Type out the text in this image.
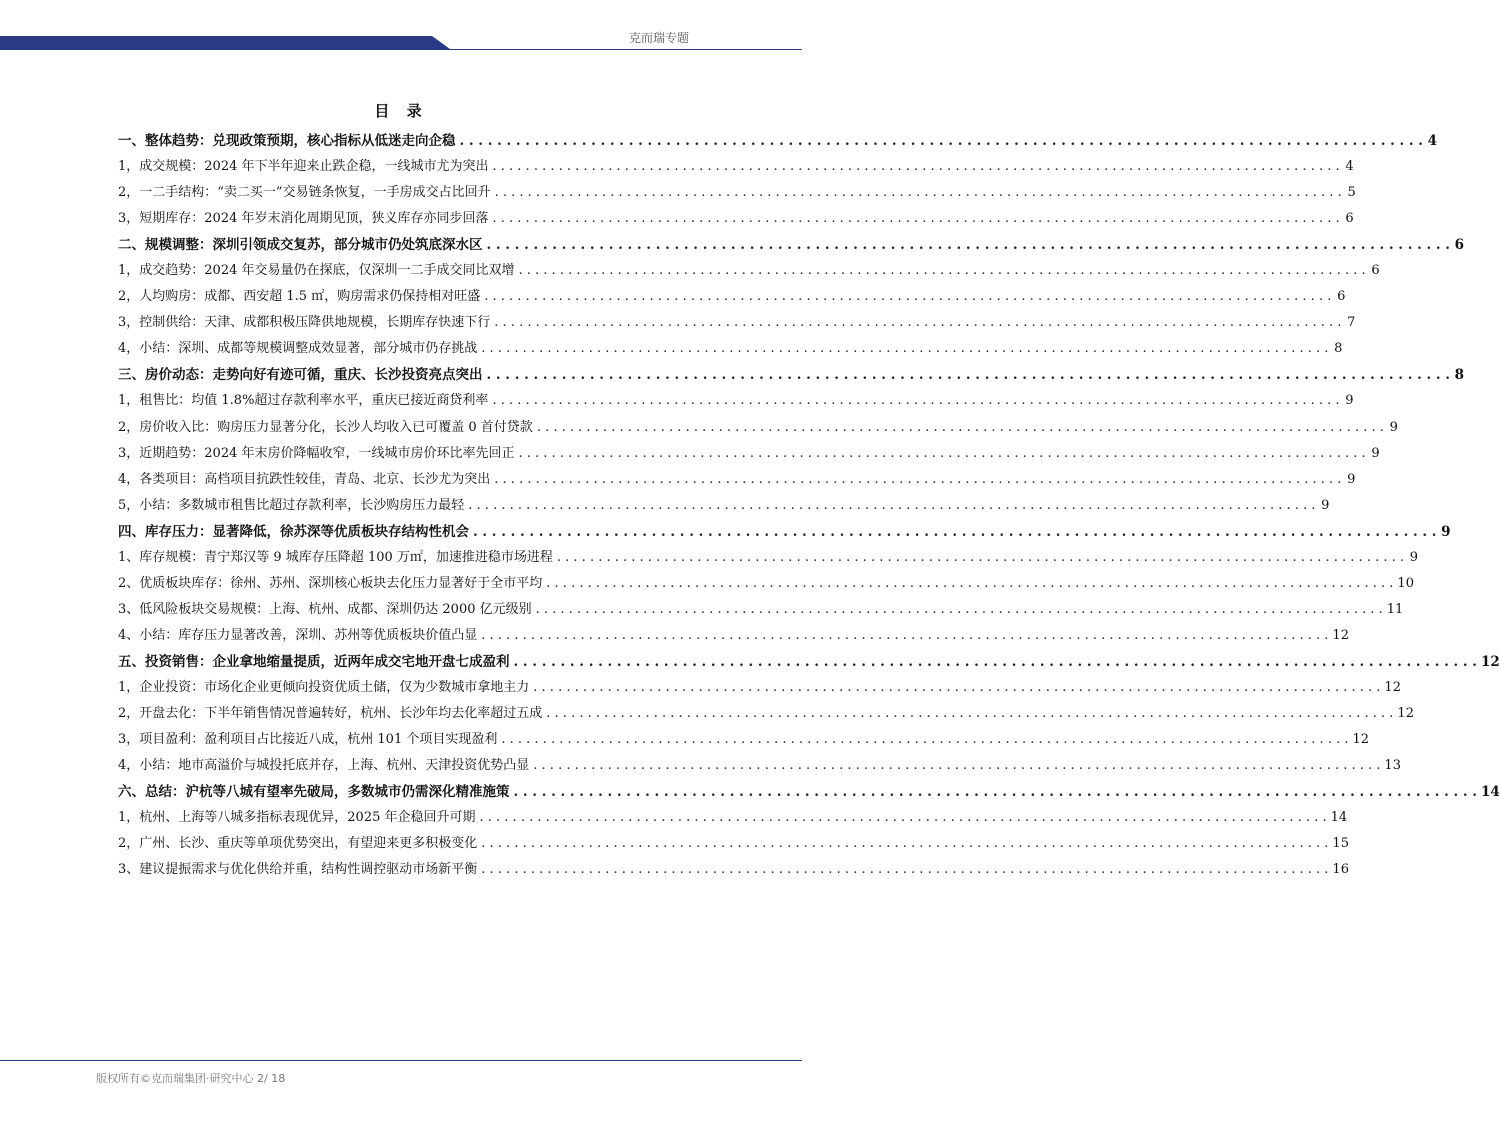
克而瑞专题
目 录
一、整体趋势：兑现政策预期，核心指标从低迷走向企稳 . . .	4
1，成交规模：2024 年下半年迎来止跌企稳，一线城市尤为突出 . . .	4
2，一二手结构：“卖二买一”交易链条恢复，一手房成交占比回升 . . .	5
3，短期库存：2024 年岁末消化周期见顶，狭义库存亦同步回落 . . .	6
二、规模调整：深圳引领成交复苏，部分城市仍处筑底深水区 . . .	6
1，成交趋势：2024 年交易量仍在探底，仅深圳一二手成交同比双增 . . .	6
2，人均购房：成都、西安超 1.5 ㎡，购房需求仍保持相对旺盛 . . .	6
3，控制供给：天津、成都积极压降供地规模，长期库存快速下行 . . .	7
4，小结：深圳、成都等规模调整成效显著，部分城市仍存挑战 . . .	8
三、房价动态：走势向好有迹可循，重庆、长沙投资亮点突出 . . .	8
1，租售比：均值 1.8%超过存款利率水平，重庆已接近商贷利率 . . .	9
2，房价收入比：购房压力显著分化，长沙人均收入已可覆盖 0 首付贷款 . . .	9
3，近期趋势：2024 年末房价降幅收窄，一线城市房价环比率先回正 . . .	9
4，各类项目：高档项目抗跌性较佳，青岛、北京、长沙尤为突出 . . .	9
5，小结：多数城市租售比超过存款利率，长沙购房压力最轻 . . .	9
四、库存压力：显著降低，徐苏深等优质板块存结构性机会 . . .	9
1、库存规模：青宁郑汉等 9 城库存压降超 100 万㎡，加速推进稳市场进程 . . .	9
2、优质板块库存：徐州、苏州、深圳核心板块去化压力显著好于全市平均 . . .	10
3、低风险板块交易规模：上海、杭州、成都、深圳仍达 2000 亿元级别 . . .	11
4、小结：库存压力显著改善，深圳、苏州等优质板块价值凸显 . . .	12
五、投资销售：企业拿地缩量提质，近两年成交宅地开盘七成盈利 . . .	12
1，企业投资：市场化企业更倾向投资优质土储，仅为少数城市拿地主力 . . .	12
2，开盘去化：下半年销售情况普遍转好，杭州、长沙年均去化率超过五成 . . .	12
3，项目盈利：盈利项目占比接近八成，杭州 101 个项目实现盈利 . . .	12
4，小结：地市高溢价与城投托底并存，上海、杭州、天津投资优势凸显 . . .	13
六、总结：沪杭等八城有望率先破局，多数城市仍需深化精准施策 . . .	14
1，杭州、上海等八城多指标表现优异，2025 年企稳回升可期 . . .	14
2，广州、长沙、重庆等单项优势突出，有望迎来更多积极变化 . . .	15
3、建议提振需求与优化供给并重，结构性调控驱动市场新平衡 . . .	16
版权所有©克而瑞集团·研究中心 2/ 18
